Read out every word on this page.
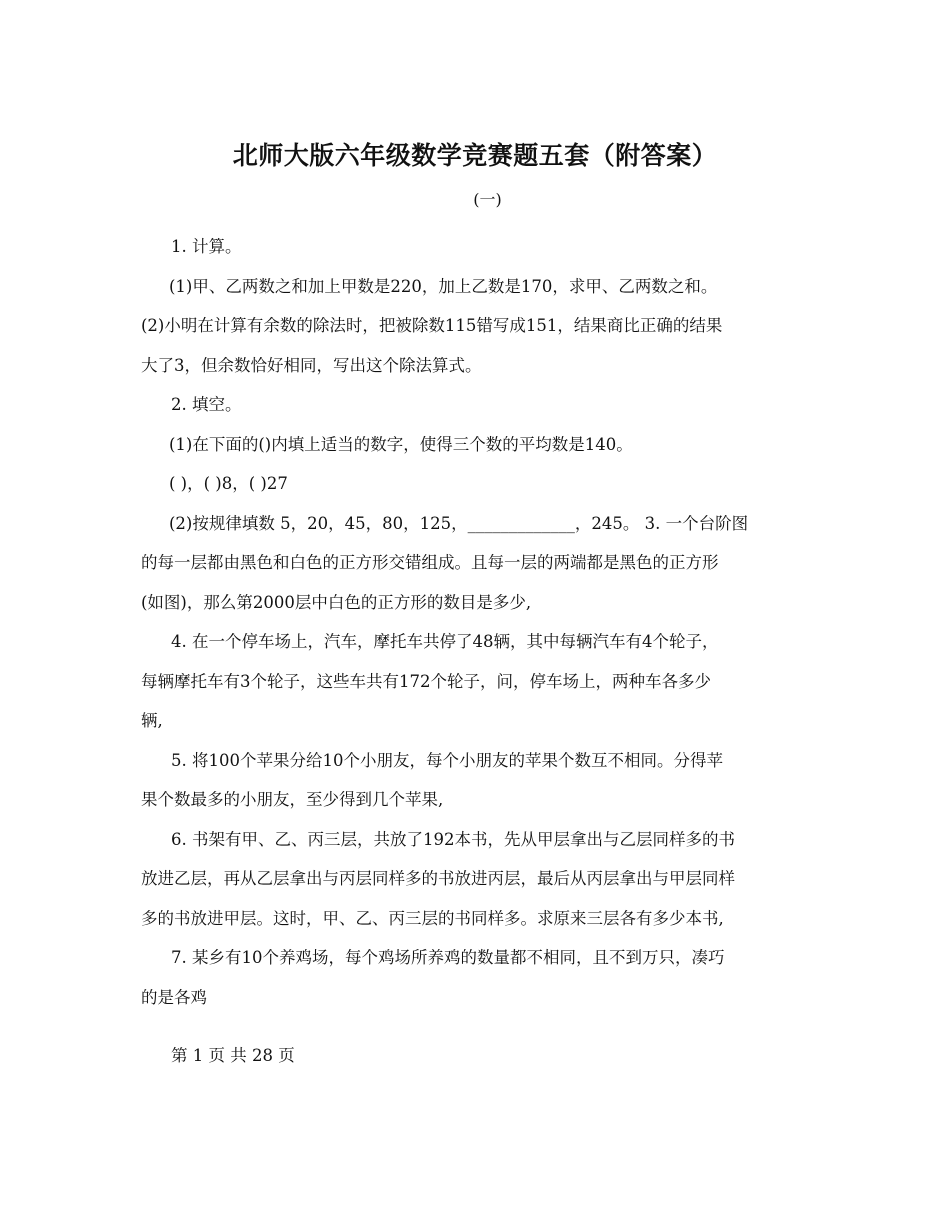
北师大版六年级数学竞赛题五套（附答案）
(一)
1. 计算。
(1)甲、乙两数之和加上甲数是220，加上乙数是170，求甲、乙两数之和。
(2)小明在计算有余数的除法时，把被除数115错写成151，结果商比正确的结果
大了3，但余数恰好相同，写出这个除法算式。
2. 填空。
(1)在下面的()内填上适当的数字，使得三个数的平均数是140。
( )，( )8，( )27
(2)按规律填数 5，20，45，80，125，_____________，245。 3. 一个台阶图
的每一层都由黑色和白色的正方形交错组成。且每一层的两端都是黑色的正方形
(如图)，那么第2000层中白色的正方形的数目是多少,
4. 在一个停车场上，汽车，摩托车共停了48辆，其中每辆汽车有4个轮子，
每辆摩托车有3个轮子，这些车共有172个轮子，问，停车场上，两种车各多少
辆,
5. 将100个苹果分给10个小朋友，每个小朋友的苹果个数互不相同。分得苹
果个数最多的小朋友，至少得到几个苹果,
6. 书架有甲、乙、丙三层，共放了192本书，先从甲层拿出与乙层同样多的书
放进乙层，再从乙层拿出与丙层同样多的书放进丙层，最后从丙层拿出与甲层同样
多的书放进甲层。这时，甲、乙、丙三层的书同样多。求原来三层各有多少本书,
7. 某乡有10个养鸡场，每个鸡场所养鸡的数量都不相同，且不到万只，凑巧
的是各鸡
第 1 页 共 28 页
